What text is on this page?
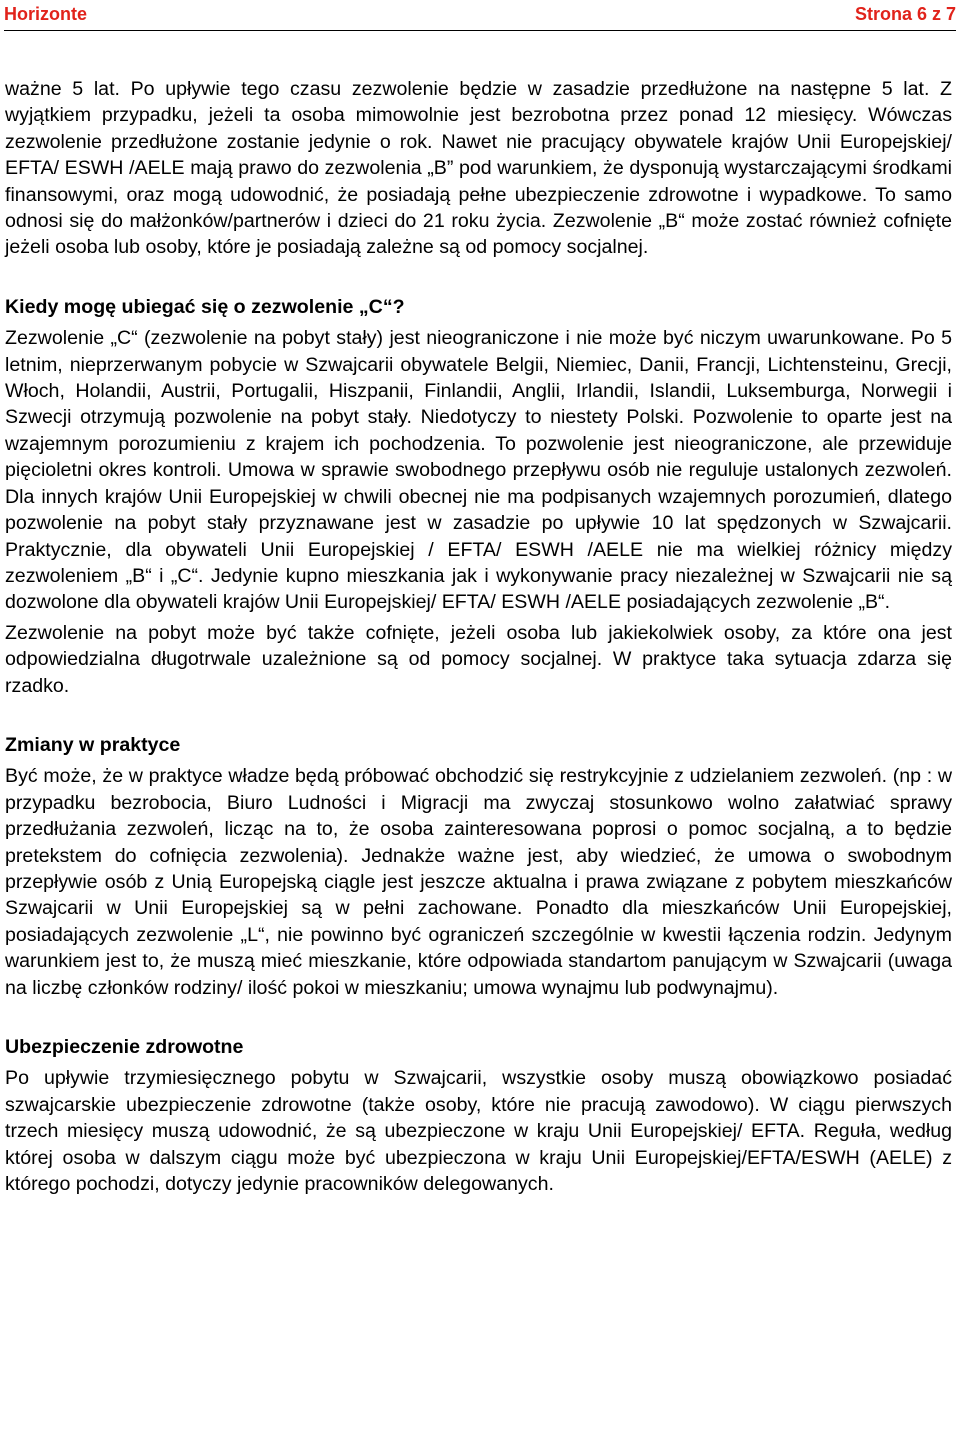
Horizonte	Strona 6 z 7

ważne 5 lat. Po upływie tego czasu zezwolenie będzie w zasadzie przedłużone na następne 5 lat. Z wyjątkiem przypadku, jeżeli ta osoba mimowolnie jest bezrobotna przez ponad 12 miesięcy. Wówczas zezwolenie przedłużone zostanie jedynie o rok. Nawet nie pracujący obywatele krajów Unii Europejskiej/ EFTA/ ESWH /AELE mają prawo do zezwolenia „B” pod warunkiem, że dysponują wystarczającymi środkami finansowymi, oraz mogą udowodnić, że posiadają pełne ubezpieczenie zdrowotne i wypadkowe. To samo odnosi się do małżonków/partnerów i dzieci do 21 roku życia. Zezwolenie „B“ może zostać również cofnięte jeżeli osoba lub osoby, które je posiadają zależne są od pomocy socjalnej.

Kiedy mogę ubiegać się o zezwolenie „C“?

Zezwolenie „C“ (zezwolenie na pobyt stały) jest nieograniczone i nie może być niczym uwarunkowane. Po 5 letnim, nieprzerwanym pobycie w Szwajcarii obywatele Belgii, Niemiec, Danii, Francji, Lichtensteinu, Grecji, Włoch, Holandii, Austrii, Portugalii, Hiszpanii, Finlandii, Anglii, Irlandii, Islandii, Luksemburga, Norwegii i Szwecji otrzymują pozwolenie na pobyt stały. Niedotyczy to niestety Polski. Pozwolenie to oparte jest na wzajemnym porozumieniu z krajem ich pochodzenia. To pozwolenie jest nieograniczone, ale przewiduje pięcioletni okres kontroli. Umowa w sprawie swobodnego przepływu osób nie reguluje ustalonych zezwoleń. Dla innych krajów Unii Europejskiej w chwili obecnej nie ma podpisanych wzajemnych porozumień, dlatego pozwolenie na pobyt stały przyznawane jest w zasadzie po upływie 10 lat spędzonych w Szwajcarii. Praktycznie, dla obywateli Unii Europejskiej / EFTA/ ESWH /AELE nie ma wielkiej różnicy między zezwoleniem „B“ i „C“. Jedynie kupno mieszkania jak i wykonywanie pracy niezależnej w Szwajcarii nie są dozwolone dla obywateli krajów Unii Europejskiej/ EFTA/ ESWH /AELE posiadających zezwolenie „B“.

Zezwolenie na pobyt może być także cofnięte, jeżeli osoba lub jakiekolwiek osoby, za które ona jest odpowiedzialna długotrwale uzależnione są od pomocy socjalnej. W praktyce taka sytuacja zdarza się rzadko.

Zmiany w praktyce

Być może, że w praktyce władze będą próbować obchodzić się restrykcyjnie z udzielaniem zezwoleń. (np : w przypadku bezrobocia, Biuro Ludności i Migracji ma zwyczaj stosunkowo wolno załatwiać sprawy przedłużania zezwoleń, licząc na to, że osoba zainteresowana poprosi o pomoc socjalną, a to będzie pretekstem do cofnięcia zezwolenia). Jednakże ważne jest, aby wiedzieć, że umowa o swobodnym przepływie osób z Unią Europejską ciągle jest jeszcze aktualna i prawa związane z pobytem mieszkańców Szwajcarii w Unii Europejskiej są w pełni zachowane. Ponadto dla mieszkańców Unii Europejskiej, posiadających zezwolenie „L“, nie powinno być ograniczeń szczególnie w kwestii łączenia rodzin. Jedynym warunkiem jest to, że muszą mieć mieszkanie, które odpowiada standartom panującym w Szwajcarii (uwaga na liczbę członków rodziny/ ilość pokoi w mieszkaniu; umowa wynajmu lub podwynajmu).

Ubezpieczenie zdrowotne

Po upływie trzymiesięcznego pobytu w Szwajcarii, wszystkie osoby muszą obowiązkowo posiadać szwajcarskie ubezpieczenie zdrowotne (także osoby, które nie pracują zawodowo). W ciągu pierwszych trzech miesięcy muszą udowodnić, że są ubezpieczone w kraju Unii Europejskiej/ EFTA. Reguła, według której osoba w dalszym ciągu może być ubezpieczona w kraju Unii Europejskiej/EFTA/ESWH (AELE) z którego pochodzi, dotyczy jedynie pracowników delegowanych.
